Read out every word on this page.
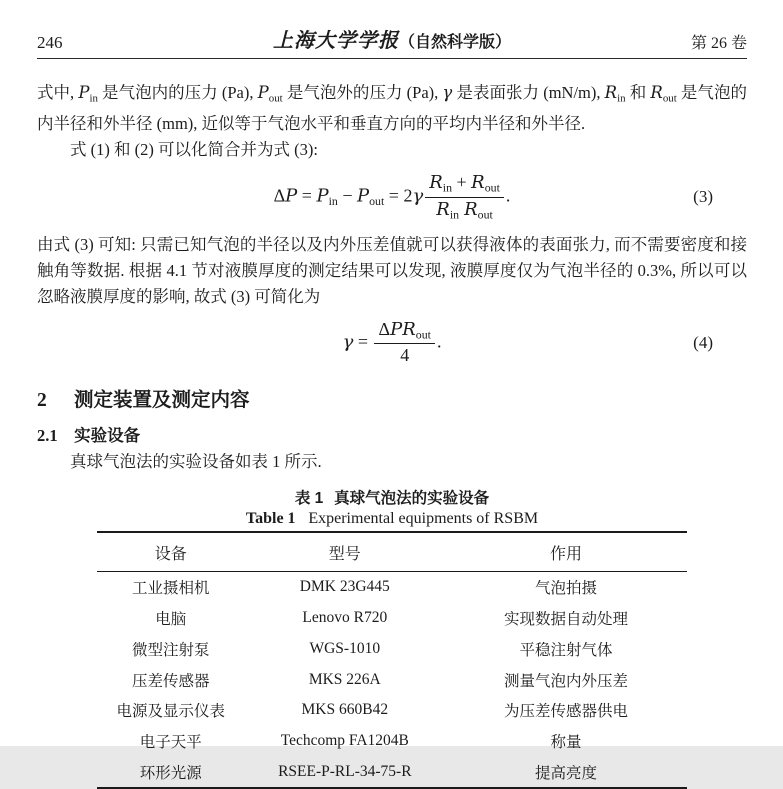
246	上海大学学报（自然科学版）	第 26 卷

式中, Pin 是气泡内的压力 (Pa), Pout 是气泡外的压力 (Pa), γ 是表面张力 (mN/m), Rin 和 Rout 是气泡的内半径和外半径 (mm), 近似等于气泡水平和垂直方向的平均内半径和外半径.

式 (1) 和 (2) 可以化简合并为式 (3):

ΔP = Pin − Pout = $2\gamma \frac{\text{Rin + Rout}}{\text{Rin Rout}}$ .	(3)

由式 (3) 可知: 只需已知气泡的半径以及内外压差值就可以获得液体的表面张力, 而不需要密度和接触角等数据. 根据 4.1 节对液膜厚度的测定结果可以发现, 液膜厚度仅为气泡半径的 0.3%, 所以可以忽略液膜厚度的影响, 故式 (3) 可简化为

$\gamma = \frac{\text{ΔPRout}}{4}$ .	(4)
2 测定装置及测定内容
2.1 实验设备

真球气泡法的实验设备如表 1 所示.

表 1 真球气泡法的实验设备
Table 1 Experimental equipments of RSBM
设备	型号	作用
工业摄相机	DMK 23G445	气泡拍摄
电脑	Lenovo R720	实现数据自动处理
微型注射泵	WGS-1010	平稳注射气体
压差传感器	MKS 226A	测量气泡内外压差
电源及显示仪表	MKS 660B42	为压差传感器供电
电子天平	Techcomp FA1204B	称量
环形光源	RSEE-P-RL-34-75-R	提高亮度
